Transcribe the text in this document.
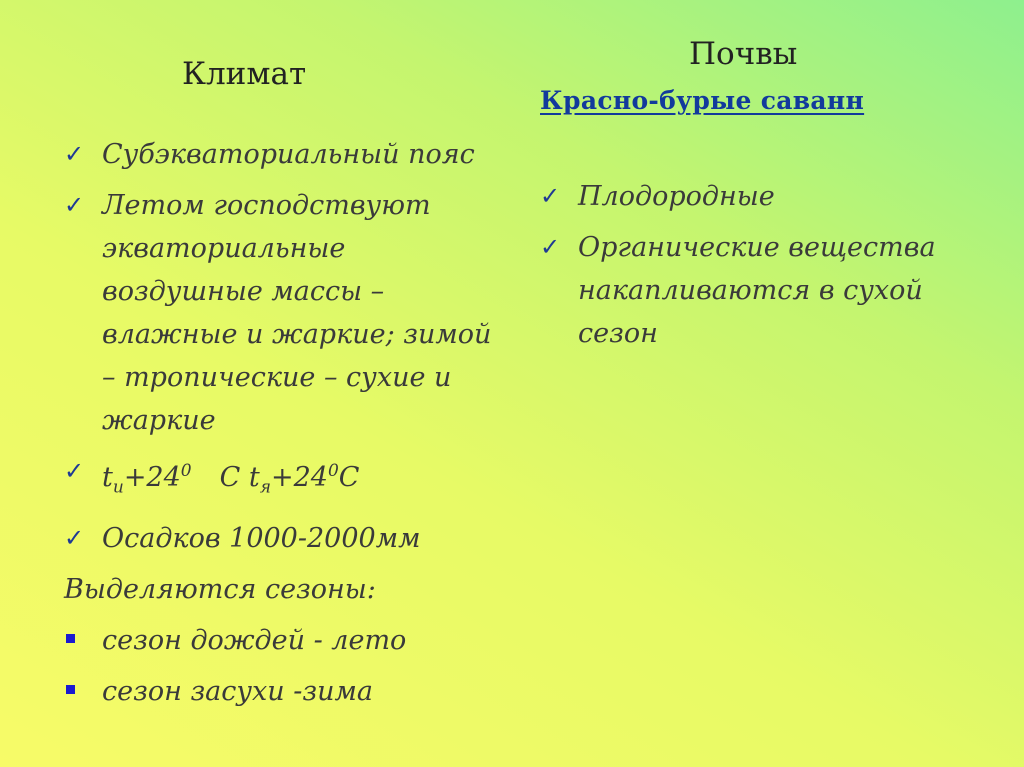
Климат
✓ Субэкваториальный пояс
✓ Летом господствуют экваториальные воздушные массы – влажные и жаркие; зимой – тропические – сухие и жаркие
✓ $t_и+24^0$ C $t_я+24^0C$
✓ Осадков 1000-2000мм
Выделяются сезоны:
сезон дождей - лето
сезон засухи -зима
Почвы
Красно-бурые саванн
✓ Плодородные
✓ Органические вещества накапливаются в сухой сезон
